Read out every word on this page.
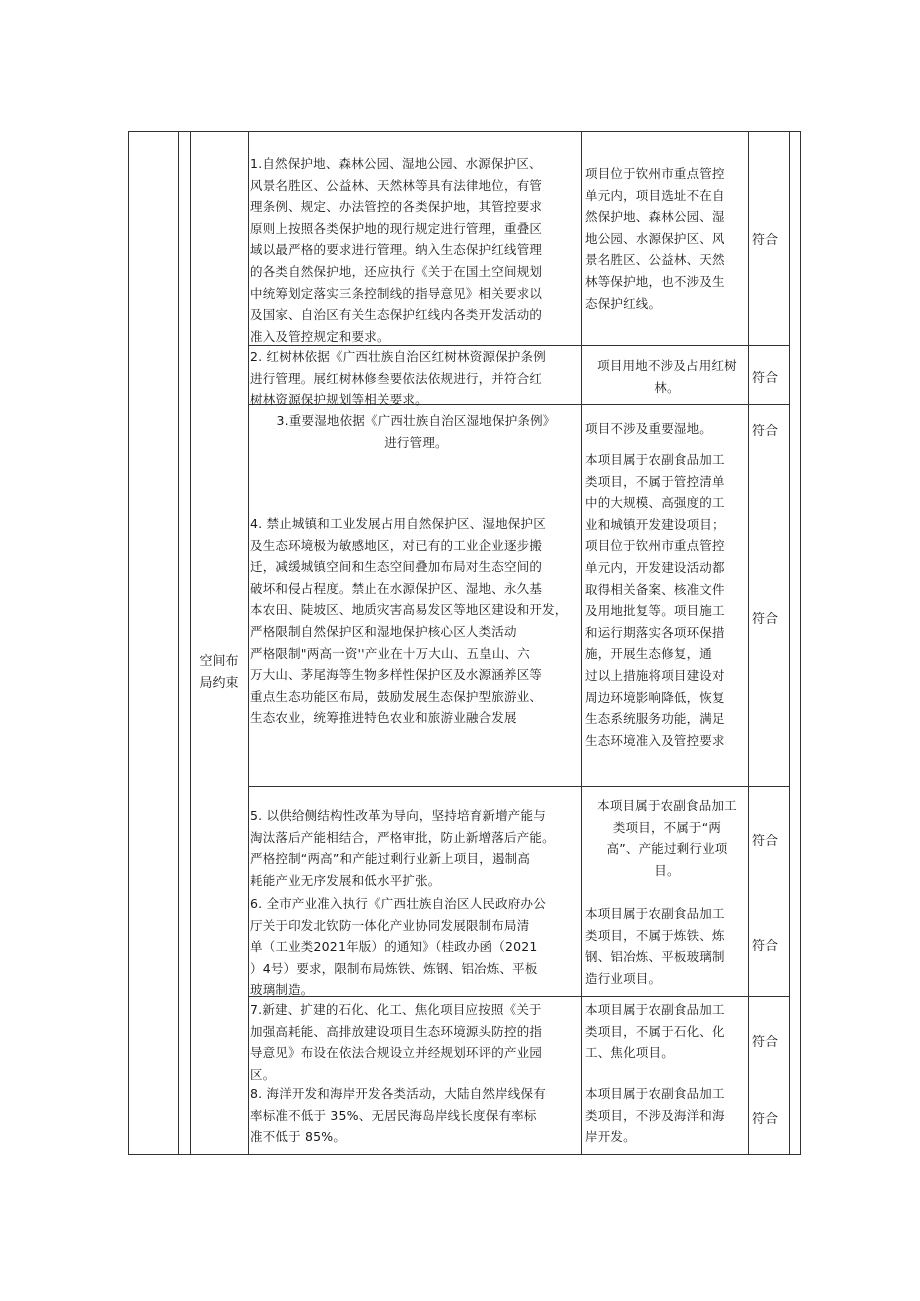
空间布 局约束

1.自然保护地、森林公园、湿地公园、水源保护区、
风景名胜区、公益林、天然林等具有法律地位，有管
理条例、规定、办法管控的各类保护地，其管控要求
原则上按照各类保护地的现行规定进行管理，重叠区
域以最严格的要求进行管理。纳入生态保护红线管理
的各类自然保护地，还应执行《关于在国土空间规划
中统筹划定落实三条控制线的指导意见》相关要求以
及国家、自治区有关生态保护红线内各类开发活动的
准入及管控规定和要求。

项目位于钦州市重点管控
单元内，项目选址不在自
然保护地、森林公园、湿
地公园、水源保护区、风
景名胜区、公益林、天然
林等保护地，也不涉及生
态保护红线。

符合

2. 红树林依据《广西壮族自治区红树林资源保护条例
进行管理。展红树林修叁要依法依规进行，并符合红
树林资源保护规划等相关要求。

项目用地不涉及占用红树
林。

符合

3.重要湿地依据《广西壮族自治区湿地保护条例》
进行管理。

项目不涉及重要湿地。	符合

4. 禁止城镇和工业发展占用自然保护区、湿地保护区
及生态环境极为敏感地区，对已有的工业企业逐步搬
迁，减缓城镇空间和生态空间叠加布局对生态空间的
破坏和侵占程度。禁止在水源保护区、湿地、永久基
本农田、陡坡区、地质灾害高易发区等地区建设和开发，
严格限制自然保护区和湿地保护核心区人类活动
严格限制"两高一资''产业在十万大山、五皇山、六
万大山、茅尾海等生物多样性保护区及水源涵养区等
重点生态功能区布局，鼓励发展生态保护型旅游业、
生态农业，统筹推进特色农业和旅游业融合发展

本项目属于农副食品加工
类项目，不属于管控清单
中的大规模、高强度的工
业和城镇开发建设项目；
项目位于钦州市重点管控
单元内，开发建设活动都
取得相关备案、核准文件
及用地批复等。项目施工
和运行期落实各项环保措
施，开展生态修复，通
过以上措施将项目建设对
周边环境影响降低，恢复
生态系统服务功能，满足
生态环境准入及管控要求

符合

5. 以供给侧结构性改革为导向，坚持培育新增产能与
淘汰落后产能相结合，严格审批，防止新增落后产能。
严格控制“两高”和产能过剩行业新上项目，遏制高
耗能产业无序发展和低水平扩张。

本项目属于农副食品加工
类项目，不属于“两
高”、产能过剩行业项
目。

符合

6. 全市产业准入执行《广西壮族自治区人民政府办公
厅关于印发北钦防一体化产业协同发展限制布局清
单（工业类2021年版）的通知》（桂政办函（2021
）4号）要求，限制布局炼铁、炼钢、铝冶炼、平板
玻璃制造。

本项目属于农副食品加工
类项目，不属于炼铁、炼
钢、铝冶炼、平板玻璃制
造行业项目。

符合

7.新建、扩建的石化、化工、焦化项目应按照《关于
加强高耗能、高排放建设项目生态环境源头防控的指
导意见》布设在依法合规设立并经规划环评的产业园
区。

本项目属于农副食品加工
类项目，不属于石化、化
工、焦化项目。

符合

8. 海洋开发和海岸开发各类活动，大陆自然岸线保有
率标准不低于 35%、无居民海岛岸线长度保有率标
准不低于 85%。

本项目属于农副食品加工
类项目，不涉及海洋和海
岸开发。

符合
